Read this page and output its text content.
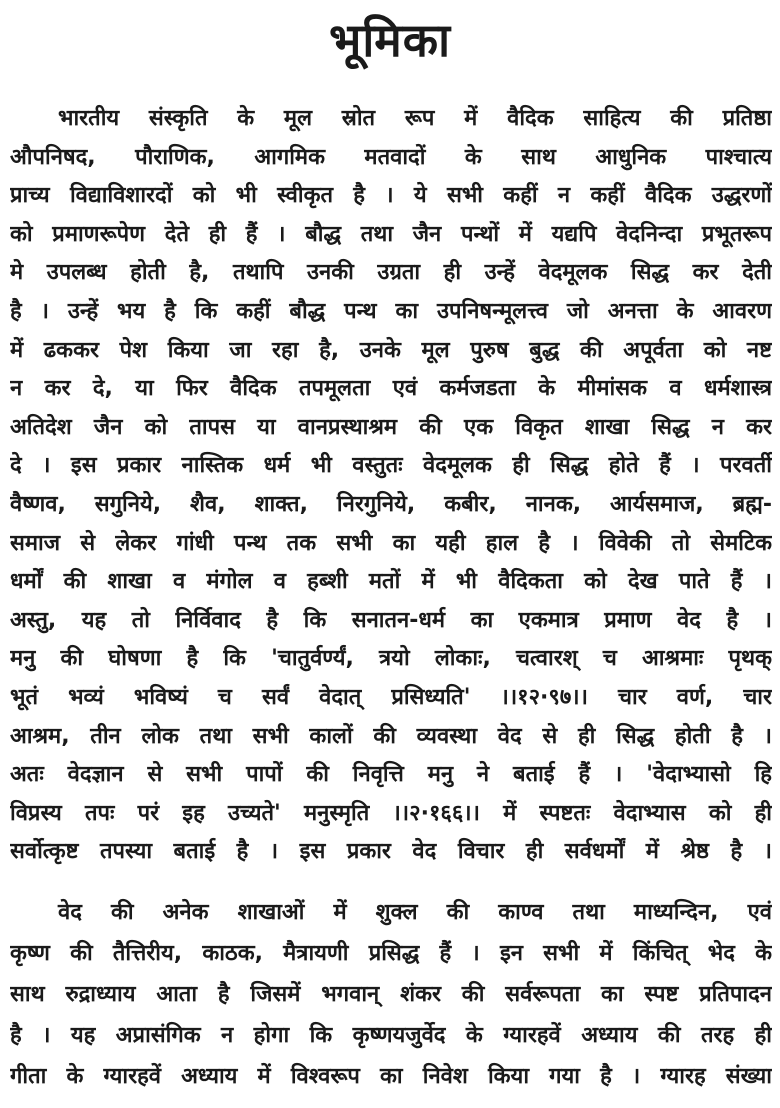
भूमिका
भारतीय संस्कृति के मूल स्रोत रूप में वैदिक साहित्य की प्रतिष्ठा
औपनिषद, पौराणिक, आगमिक मतवादों के साथ आधुनिक पाश्चात्य
प्राच्य विद्याविशारदों को भी स्वीकृत है । ये सभी कहीं न कहीं वैदिक उद्धरणों
को प्रमाणरूपेण देते ही हैं । बौद्ध तथा जैन पन्थों में यद्यपि वेदनिन्दा प्रभूतरूप
मे उपलब्ध होती है, तथापि उनकी उग्रता ही उन्हें वेदमूलक सिद्ध कर देती
है । उन्हें भय है कि कहीं बौद्ध पन्थ का उपनिषन्मूलत्त्व जो अनत्ता के आवरण
में ढककर पेश किया जा रहा है, उनके मूल पुरुष बुद्ध की अपूर्वता को नष्ट
न कर दे, या फिर वैदिक तपमूलता एवं कर्मजडता के मीमांसक व धर्मशास्त्र
अतिदेश जैन को तापस या वानप्रस्थाश्रम की एक विकृत शाखा सिद्ध न कर
दे । इस प्रकार नास्तिक धर्म भी वस्तुतः वेदमूलक ही सिद्ध होते हैं । परवर्ती
वैष्णव, सगुनिये, शैव, शाक्त, निरगुनिये, कबीर, नानक, आर्यसमाज, ब्रह्म-
समाज से लेकर गांधी पन्थ तक सभी का यही हाल है । विवेकी तो सेमटिक
धर्मों की शाखा व मंगोल व हब्शी मतों में भी वैदिकता को देख पाते हैं ।
अस्तु, यह तो निर्विवाद है कि सनातन-धर्म का एकमात्र प्रमाण वेद है ।
मनु की घोषणा है कि 'चातुर्वर्ण्यं, त्रयो लोकाः, चत्वारश् च आश्रमाः पृथक्
भूतं भव्यं भविष्यं च सर्वं वेदात् प्रसिध्यति' ।।१२·९७।। चार वर्ण, चार
आश्रम, तीन लोक तथा सभी कालों की व्यवस्था वेद से ही सिद्ध होती है ।
अतः वेदज्ञान से सभी पापों की निवृत्ति मनु ने बताई हैं । 'वेदाभ्यासो हि
विप्रस्य तपः परं इह उच्यते' मनुस्मृति ।।२·१६६।। में स्पष्टतः वेदाभ्यास को ही
सर्वोत्कृष्ट तपस्या बताई है । इस प्रकार वेद विचार ही सर्वधर्मों में श्रेष्ठ है ।
वेद की अनेक शाखाओं में शुक्ल की काण्व तथा माध्यन्दिन, एवं
कृष्ण की तैत्तिरीय, काठक, मैत्रायणी प्रसिद्ध हैं । इन सभी में किंचित् भेद के
साथ रुद्राध्याय आता है जिसमें भगवान् शंकर की सर्वरूपता का स्पष्ट प्रतिपादन
है । यह अप्रासंगिक न होगा कि कृष्णयजुर्वेद के ग्यारहवें अध्याय की तरह ही
गीता के ग्यारहवें अध्याय में विश्वरूप का निवेश किया गया है । ग्यारह संख्या
